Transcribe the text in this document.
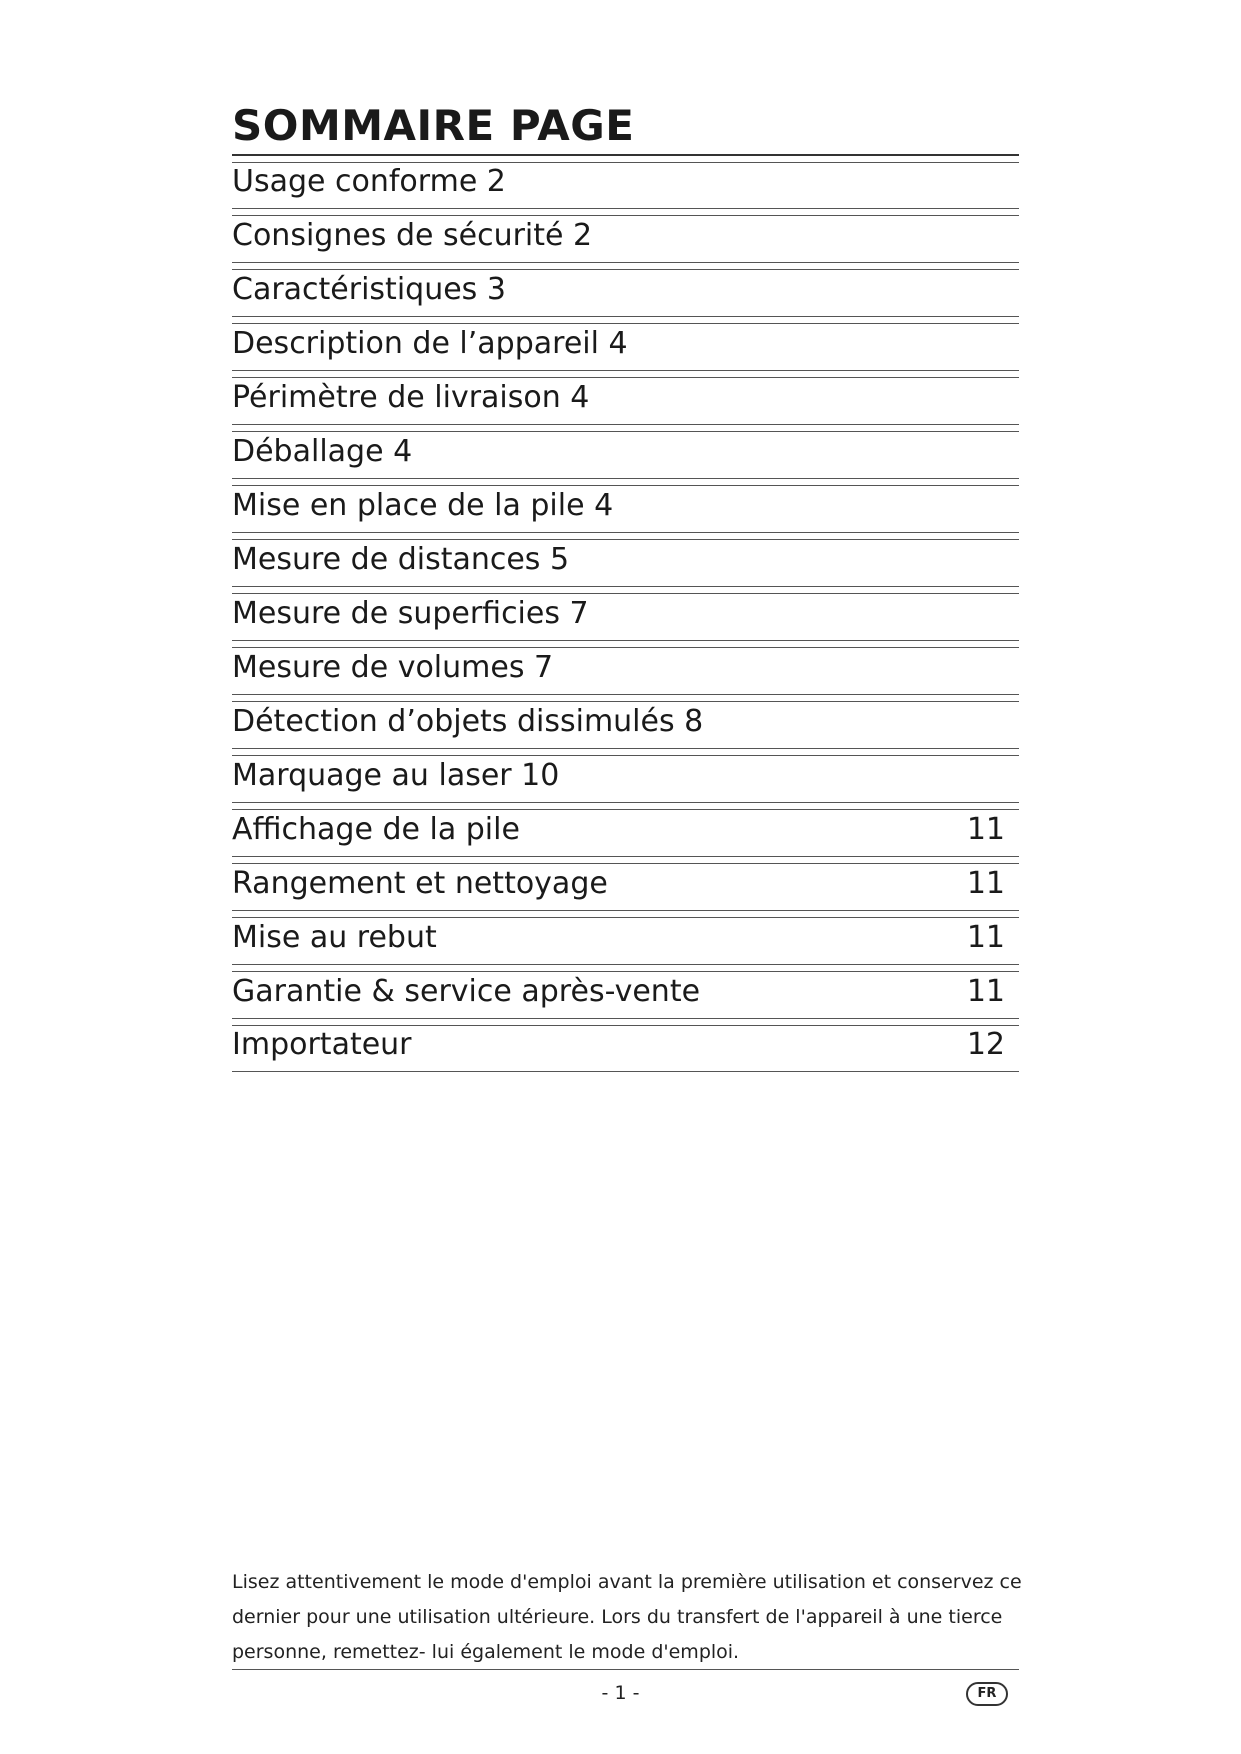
SOMMAIRE PAGE
Usage conforme 2
Consignes de sécurité 2
Caractéristiques 3
Description de l’appareil 4
Périmètre de livraison 4
Déballage 4
Mise en place de la pile 4
Mesure de distances 5
Mesure de superficies 7
Mesure de volumes 7
Détection d’objets dissimulés 8
Marquage au laser 10
Affichage de la pile	11
Rangement et nettoyage	11
Mise au rebut	11
Garantie & service après-vente	11
Importateur	12

Lisez attentivement le mode d'emploi avant la première utilisation et conservez ce dernier pour une utilisation ultérieure. Lors du transfert de l'appareil à une tierce personne, remettez- lui également le mode d'emploi.

- 1 -	FR
